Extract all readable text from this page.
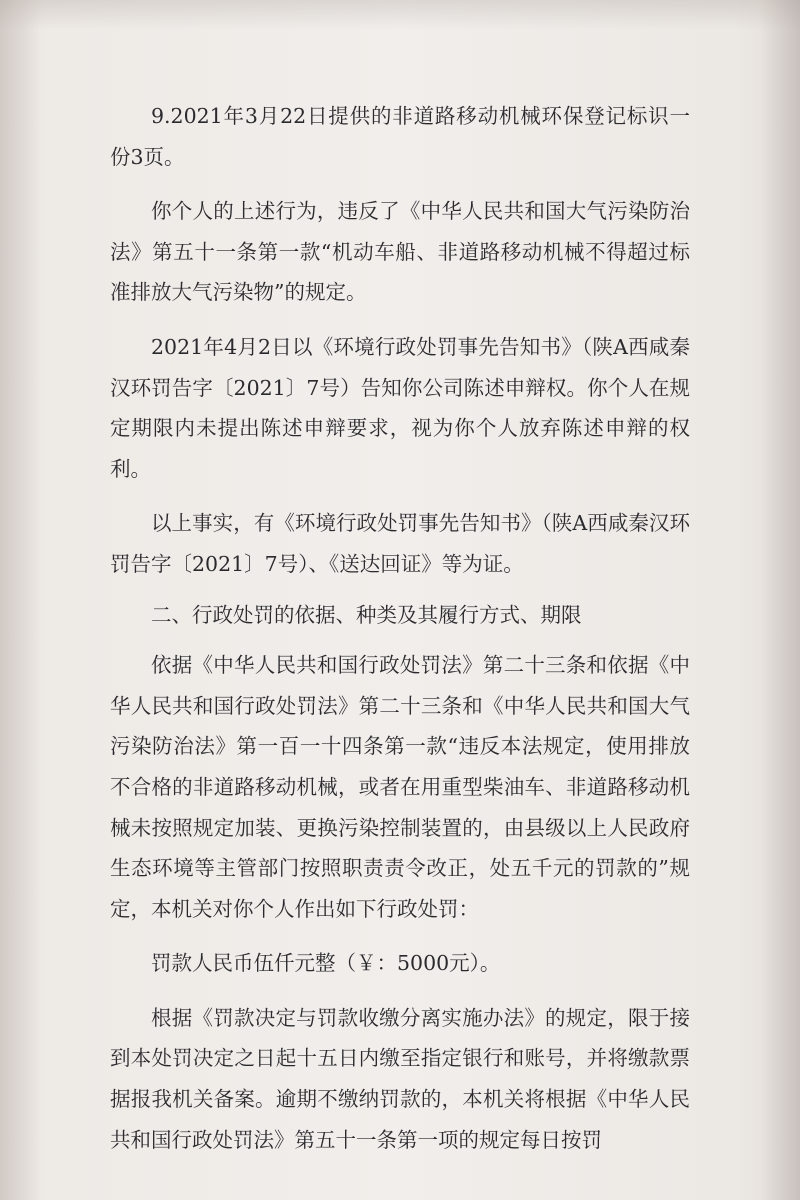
9.2021年3月22日提供的非道路移动机械环保登记标识一份3页。

你个人的上述行为，违反了《中华人民共和国大气污染防治法》第五十一条第一款“机动车船、非道路移动机械不得超过标准排放大气污染物”的规定。

2021年4月2日以《环境行政处罚事先告知书》（陕A西咸秦汉环罚告字〔2021〕7号）告知你公司陈述申辩权。你个人在规定期限内未提出陈述申辩要求，视为你个人放弃陈述申辩的权利。

以上事实，有《环境行政处罚事先告知书》（陕A西咸秦汉环罚告字〔2021〕7号）、《送达回证》等为证。

二、行政处罚的依据、种类及其履行方式、期限

依据《中华人民共和国行政处罚法》第二十三条和依据《中华人民共和国行政处罚法》第二十三条和《中华人民共和国大气污染防治法》第一百一十四条第一款“违反本法规定，使用排放不合格的非道路移动机械，或者在用重型柴油车、非道路移动机械未按照规定加装、更换污染控制装置的，由县级以上人民政府生态环境等主管部门按照职责责令改正，处五千元的罚款的”规定，本机关对你个人作出如下行政处罚：

罚款人民币伍仟元整（￥：5000元）。

根据《罚款决定与罚款收缴分离实施办法》的规定，限于接到本处罚决定之日起十五日内缴至指定银行和账号，并将缴款票据报我机关备案。逾期不缴纳罚款的，本机关将根据《中华人民共和国行政处罚法》第五十一条第一项的规定每日按罚
